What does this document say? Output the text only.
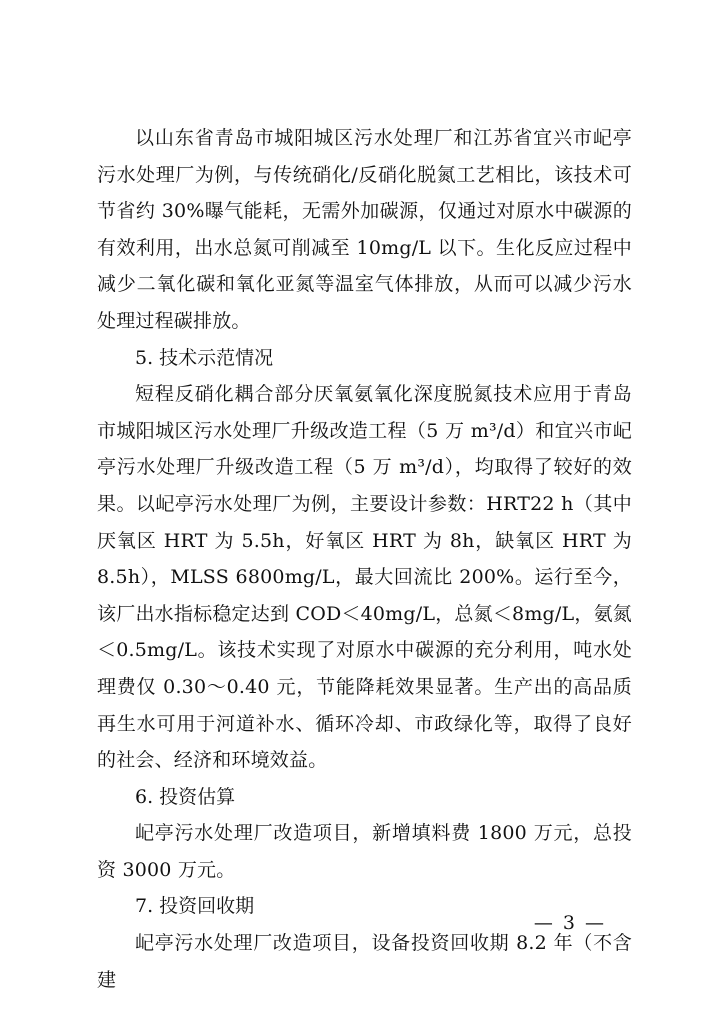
以山东省青岛市城阳城区污水处理厂和江苏省宜兴市屺亭污水处理厂为例，与传统硝化/反硝化脱氮工艺相比，该技术可节省约 30%曝气能耗，无需外加碳源，仅通过对原水中碳源的有效利用，出水总氮可削减至 10mg/L 以下。生化反应过程中减少二氧化碳和氧化亚氮等温室气体排放，从而可以减少污水处理过程碳排放。

5. 技术示范情况

短程反硝化耦合部分厌氧氨氧化深度脱氮技术应用于青岛市城阳城区污水处理厂升级改造工程（5 万 m³/d）和宜兴市屺亭污水处理厂升级改造工程（5 万 m³/d），均取得了较好的效果。以屺亭污水处理厂为例，主要设计参数：HRT22 h（其中厌氧区 HRT 为 5.5h，好氧区 HRT 为 8h，缺氧区 HRT 为 8.5h），MLSS 6800mg/L，最大回流比 200%。运行至今，该厂出水指标稳定达到 COD＜40mg/L，总氮＜8mg/L，氨氮＜0.5mg/L。该技术实现了对原水中碳源的充分利用，吨水处理费仅 0.30～0.40 元，节能降耗效果显著。生产出的高品质再生水可用于河道补水、循环冷却、市政绿化等，取得了良好的社会、经济和环境效益。

6. 投资估算

屺亭污水处理厂改造项目，新增填料费 1800 万元，总投资 3000 万元。

7. 投资回收期

屺亭污水处理厂改造项目，设备投资回收期 8.2 年（不含建

— 3 —
